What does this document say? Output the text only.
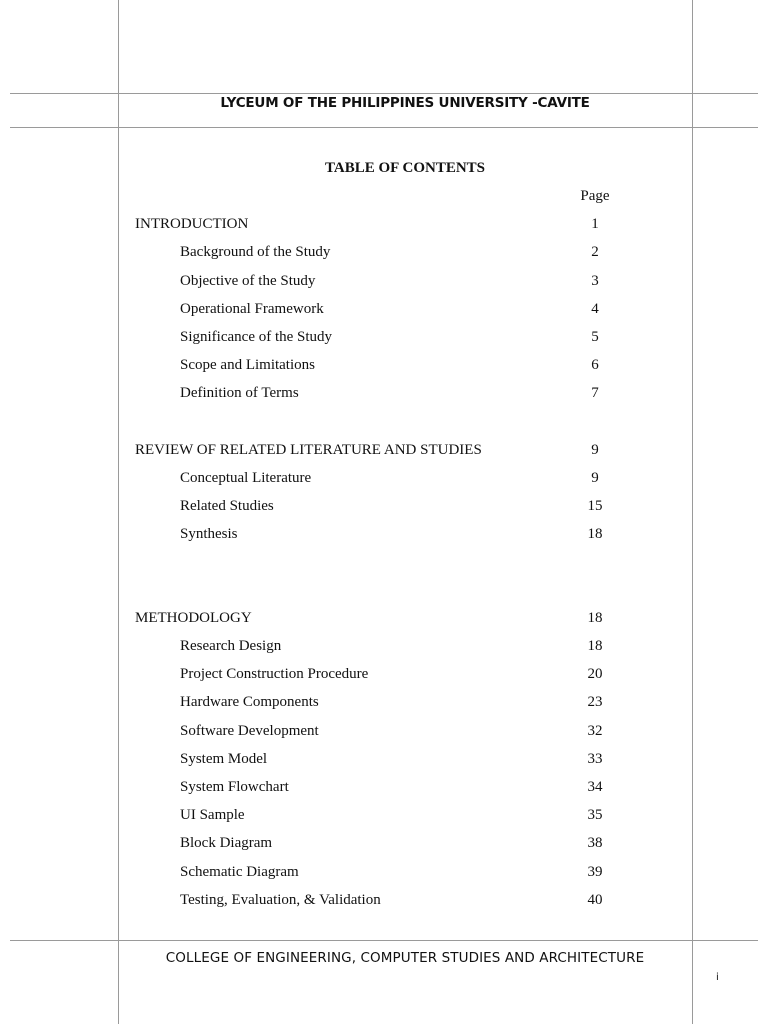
LYCEUM OF THE PHILIPPINES UNIVERSITY -CAVITE
TABLE OF CONTENTS
Page
INTRODUCTION	1
Background of the Study	2
Objective of the Study	3
Operational Framework	4
Significance of the Study	5
Scope and Limitations	6
Definition of Terms	7
REVIEW OF RELATED LITERATURE AND STUDIES	9
Conceptual Literature	9
Related Studies	15
Synthesis	18
METHODOLOGY	18
Research Design	18
Project Construction Procedure	20
Hardware Components	23
Software Development	32
System Model	33
System Flowchart	34
UI Sample	35
Block Diagram	38
Schematic Diagram	39
Testing, Evaluation, & Validation	40
COLLEGE OF ENGINEERING, COMPUTER STUDIES AND ARCHITECTURE
i
